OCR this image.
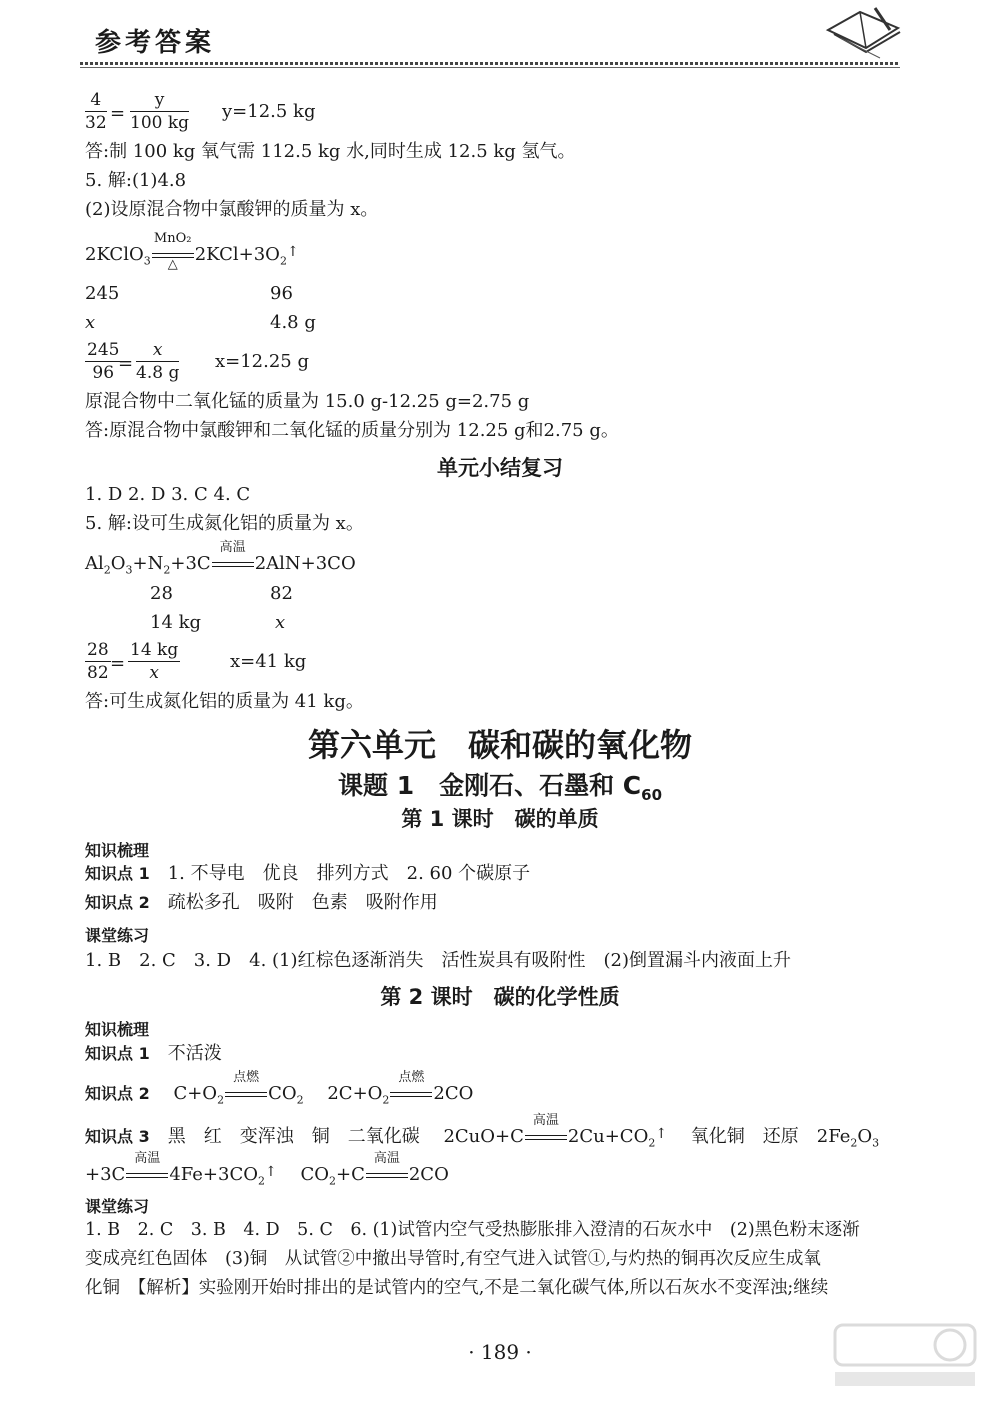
参考答案
$\frac{4}{32} = \frac{y}{100 kg} y=12.5$ kg
答:制 100 kg 氧气需 112.5 kg 水,同时生成 12.5 kg 氢气。
5. 解:(1)4.8
(2)设原混合物中氯酸钾的质量为 x。
2KClO$_3$
MnO₂
△ $2KCl+3O_2↑$
245	96
x	4.8 g
$\frac{245}{96}$
= $\frac{x}{4.8 g} x=12.25$ g
原混合物中二氧化锰的质量为 15.0 g-12.25 g=2.75 g
答:原混合物中氯酸钾和二氧化锰的质量分别为 12.25 g和2.75 g。
单元小结复习
1. D 2. D 3. C 4. C
5. 解:设可生成氮化铝的质量为 x。
$Al_2O_3+N_2+3C$
高温
2AlN+3CO
28	82
14 kg	x
$\frac{28}{82} = \frac{14 kg}{x}$	x=41 kg
答:可生成氮化铝的质量为 41 kg。
第六单元　碳和碳的氧化物
课题 1　金刚石、石墨和 $C_{60}$
第 1 课时　碳的单质
知识梳理
知识点 1　 1. 不导电　优良　排列方式　2. 60 个碳原子
知识点 2　 疏松多孔　吸附　色素　吸附作用
课堂练习
1. B　2. C　3. D　4. (1)红棕色逐渐消失　活性炭具有吸附性　(2)倒置漏斗内液面上升
第 2 课时　碳的化学性质
知识梳理
知识点 1　 不活泼
知识点 2　 $C+O_2$
点燃
$CO_2$ 　 $2C+O_2$
点燃
2CO
知识点 3　 黑　红　变浑浊　铜　二氧化碳　 2CuO+C
高温
$2Cu+CO_2↑$ 　 氧化铜　还原　 $2Fe_2O_3$
+3C
高温
$4Fe+3CO_2↑$ 　 $CO_2+C$
高温
2CO
课堂练习
1. B　2. C　3. B　4. D　5. C　6. (1)试管内空气受热膨胀排入澄清的石灰水中　(2)黑色粉末逐渐
变成亮红色固体　(3)铜　从试管②中撤出导管时,有空气进入试管①,与灼热的铜再次反应生成氧
化铜　【解析】实验刚开始时排出的是试管内的空气,不是二氧化碳气体,所以石灰水不变浑浊;继续
· 189 ·
